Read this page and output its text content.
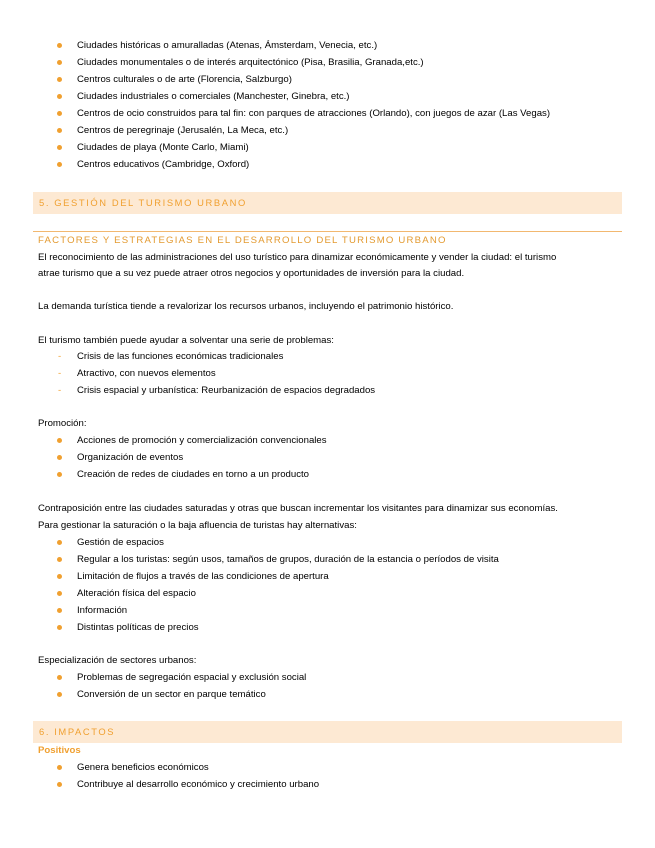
Ciudades históricas o amuralladas (Atenas, Ámsterdam, Venecia, etc.)
Ciudades monumentales o de interés arquitectónico (Pisa, Brasilia, Granada,etc.)
Centros culturales o de arte (Florencia, Salzburgo)
Ciudades industriales o comerciales (Manchester, Ginebra, etc.)
Centros de ocio construidos para tal fin: con parques de atracciones (Orlando), con juegos de azar (Las Vegas)
Centros de peregrinaje (Jerusalén, La Meca, etc.)
Ciudades de playa (Monte Carlo, Miami)
Centros educativos (Cambridge, Oxford)
5. GESTIÓN DEL TURISMO URBANO
FACTORES Y ESTRATEGIAS EN EL DESARROLLO DEL TURISMO URBANO
El reconocimiento de las administraciones del uso turístico para dinamizar económicamente y vender la ciudad: el turismo
atrae turismo que a su vez puede atraer otros negocios y oportunidades de inversión para la ciudad.
La demanda turística tiende a revalorizar los recursos urbanos, incluyendo el patrimonio histórico.
El turismo también puede ayudar a solventar una serie de problemas:
- Crisis de las funciones económicas tradicionales
- Atractivo, con nuevos elementos
- Crisis espacial y urbanística: Reurbanización de espacios degradados
Promoción:
Acciones de promoción y comercialización convencionales
Organización de eventos
Creación de redes de ciudades en torno a un producto
Contraposición entre las ciudades saturadas y otras que buscan incrementar los visitantes para dinamizar sus economías.
Para gestionar la saturación o la baja afluencia de turistas hay alternativas:
Gestión de espacios
Regular a los turistas: según usos, tamaños de grupos, duración de la estancia o períodos de visita
Limitación de flujos a través de las condiciones de apertura
Alteración física del espacio
Información
Distintas políticas de precios
Especialización de sectores urbanos:
Problemas de segregación espacial y exclusión social
Conversión de un sector en parque temático
6. IMPACTOS
Positivos
Genera beneficios económicos
Contribuye al desarrollo económico y crecimiento urbano
